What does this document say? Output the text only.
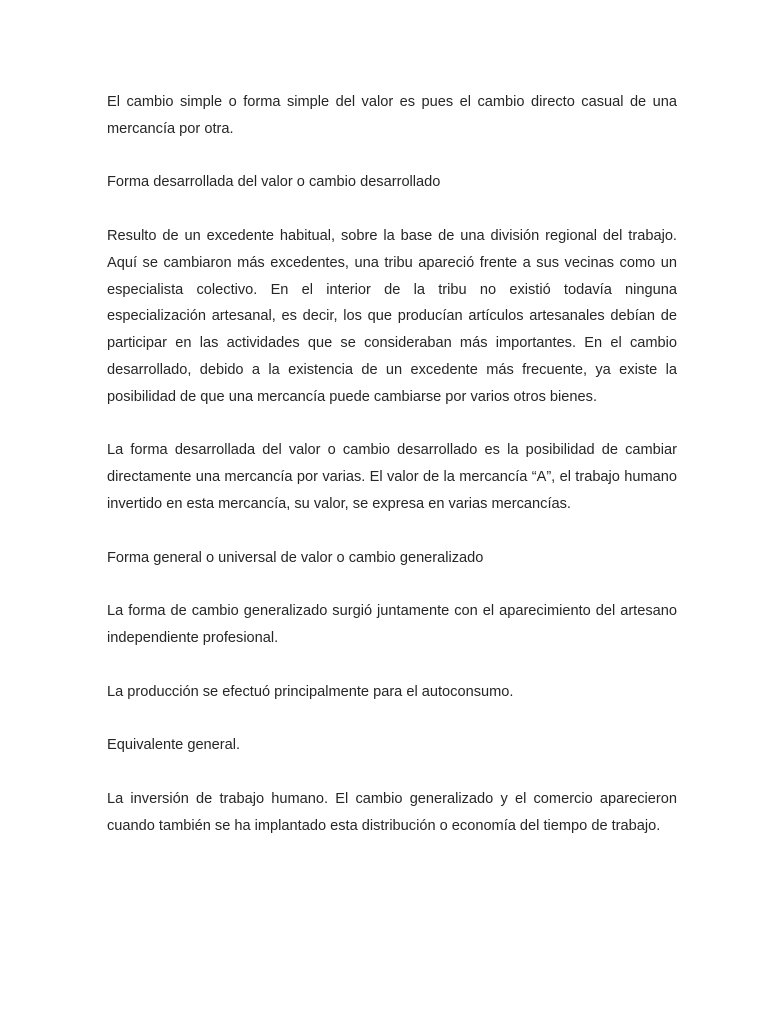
El cambio simple o forma simple del valor es pues el cambio directo casual de una mercancía por otra.

Forma desarrollada del valor o cambio desarrollado

Resulto de un excedente habitual, sobre la base de una división regional del trabajo. Aquí se cambiaron más excedentes, una tribu apareció frente a sus vecinas como un especialista colectivo. En el interior de la tribu no existió todavía ninguna especialización artesanal, es decir, los que producían artículos artesanales debían de participar en las actividades que se consideraban más importantes. En el cambio desarrollado, debido a la existencia de un excedente más frecuente, ya existe la posibilidad de que una mercancía puede cambiarse por varios otros bienes.

La forma desarrollada del valor o cambio desarrollado es la posibilidad de cambiar directamente una mercancía por varias. El valor de la mercancía “A”, el trabajo humano invertido en esta mercancía, su valor, se expresa en varias mercancías.

Forma general o universal de valor o cambio generalizado

La forma de cambio generalizado surgió juntamente con el aparecimiento del artesano independiente profesional.

La producción se efectuó principalmente para el autoconsumo.

Equivalente general.

La inversión de trabajo humano. El cambio generalizado y el comercio aparecieron cuando también se ha implantado esta distribución o economía del tiempo de trabajo.
